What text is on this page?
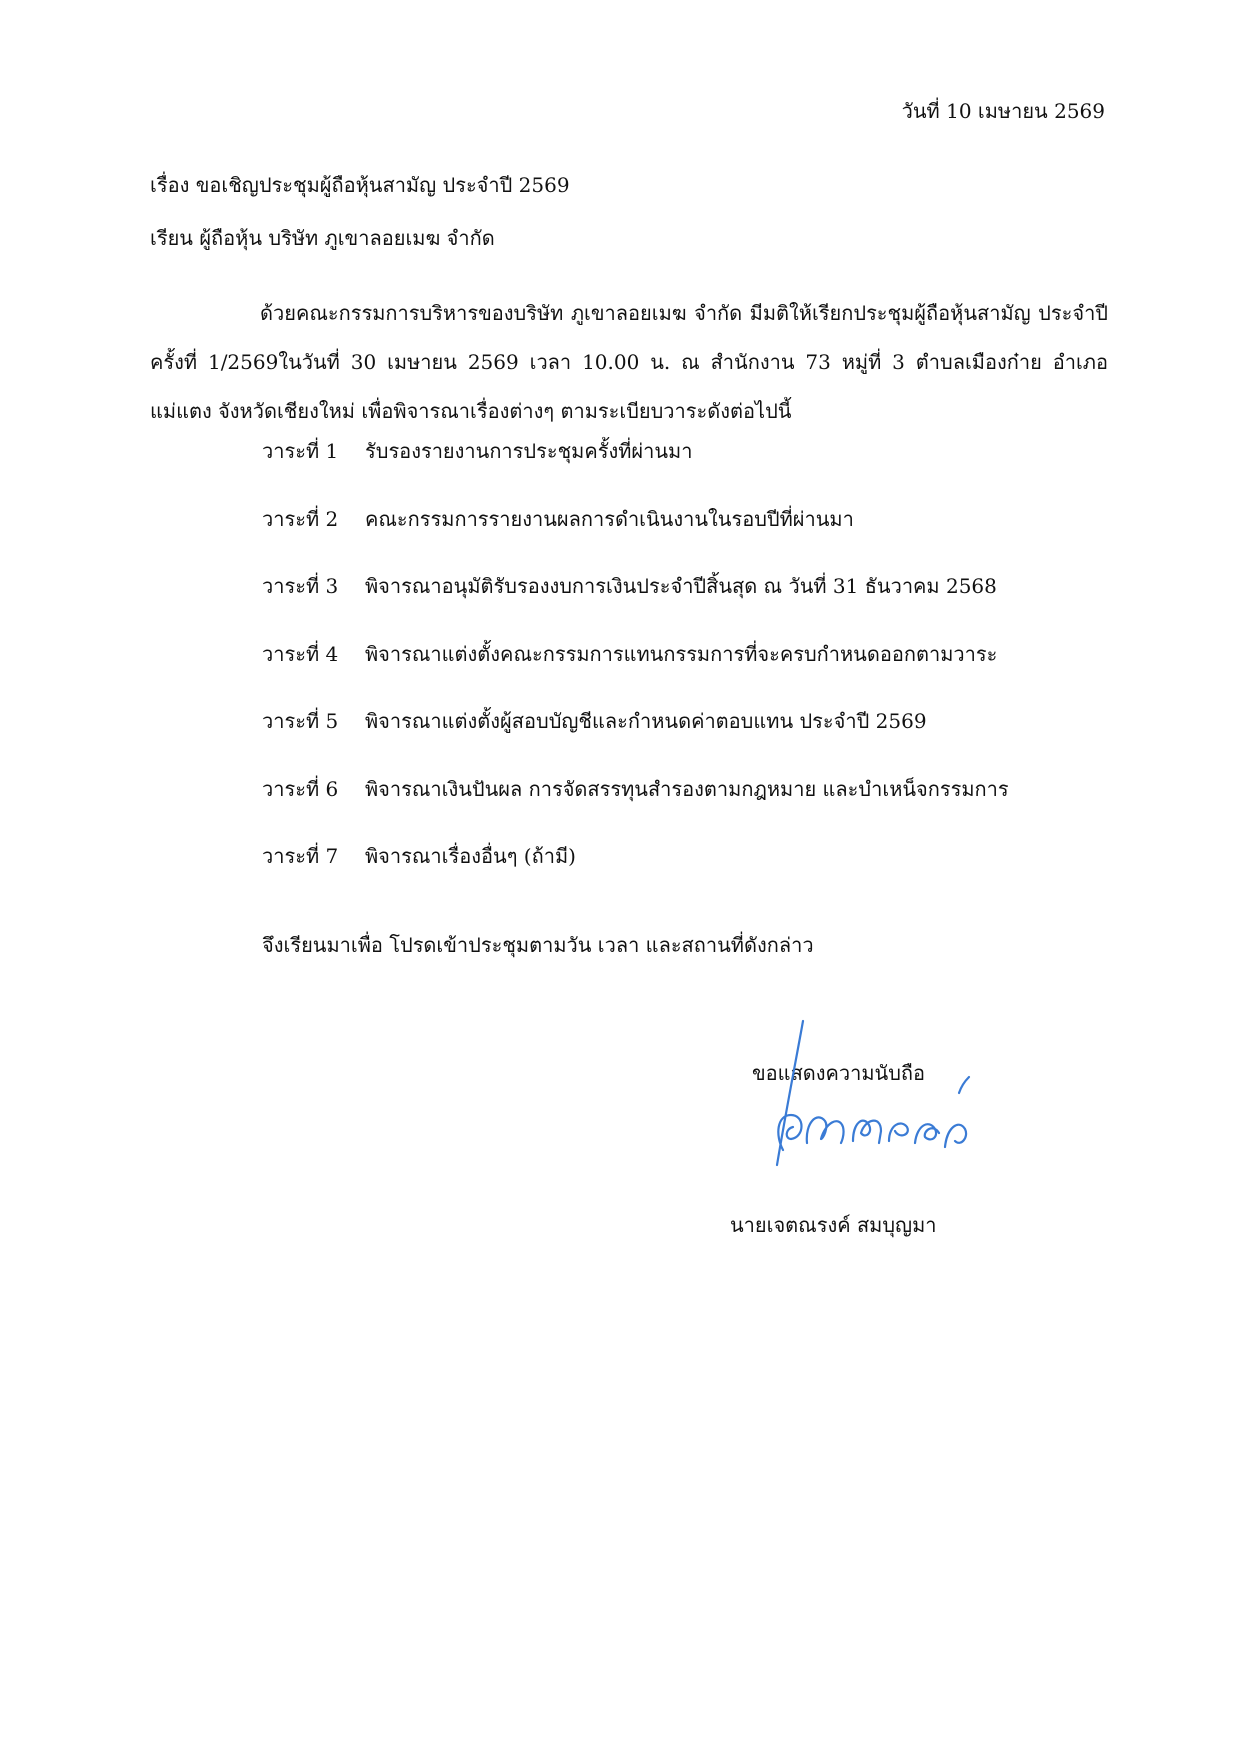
วันที่ 10 เมษายน 2569
เรื่อง ขอเชิญประชุมผู้ถือหุ้นสามัญ ประจำปี 2569
เรียน ผู้ถือหุ้น บริษัท ภูเขาลอยเมฆ จำกัด
ด้วยคณะกรรมการบริหารของบริษัท ภูเขาลอยเมฆ จำกัด มีมติให้เรียกประชุมผู้ถือหุ้นสามัญ ประจำปี ครั้งที่ 1/2569ในวันที่ 30 เมษายน 2569 เวลา 10.00 น. ณ สำนักงาน 73 หมู่ที่ 3 ตำบลเมืองก๋าย อำเภอ แม่แตง จังหวัดเชียงใหม่ เพื่อพิจารณาเรื่องต่างๆ ตามระเบียบวาระดังต่อไปนี้
วาระที่ 1	รับรองรายงานการประชุมครั้งที่ผ่านมา
วาระที่ 2	คณะกรรมการรายงานผลการดำเนินงานในรอบปีที่ผ่านมา
วาระที่ 3	พิจารณาอนุมัติรับรองงบการเงินประจำปีสิ้นสุด ณ วันที่ 31 ธันวาคม 2568
วาระที่ 4	พิจารณาแต่งตั้งคณะกรรมการแทนกรรมการที่จะครบกำหนดออกตามวาระ
วาระที่ 5	พิจารณาแต่งตั้งผู้สอบบัญชีและกำหนดค่าตอบแทน ประจำปี 2569
วาระที่ 6	พิจารณาเงินปันผล การจัดสรรทุนสำรองตามกฎหมาย และบำเหน็จกรรมการ
วาระที่ 7	พิจารณาเรื่องอื่นๆ (ถ้ามี)
จึงเรียนมาเพื่อ โปรดเข้าประชุมตามวัน เวลา และสถานที่ดังกล่าว
ขอแสดงความนับถือ
นายเจตณรงค์ สมบุญมา
